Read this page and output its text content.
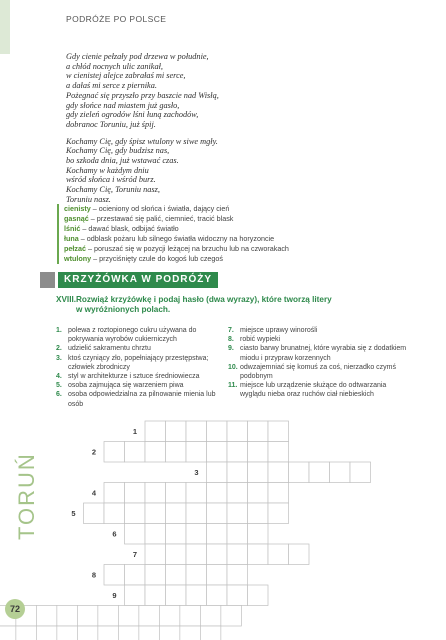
PODRÓŻE PO POLSCE
Gdy cienie pełzały pod drzewa w południe,
a chłód nocnych ulic zanikał,
w cienistej alejce zabrałaś mi serce,
a dałaś mi serce z piernika.
Pożegnać się przyszło przy baszcie nad Wisłą,
gdy słońce nad miastem już gasło,
gdy zieleń ogrodów lśni łuną zachodów,
dobranoc Toruniu, już śpij.
Kochamy Cię, gdy śpisz wtulony w siwe mgły.
Kochamy Cię, gdy budzisz nas,
bo szkoda dnia, już wstawać czas.
Kochamy w każdym dniu
wśród słońca i wśród burz.
Kochamy Cię, Toruniu nasz,
Toruniu nasz.
cienisty – ocieniony od słońca i światła, dający cień
gasnąć – przestawać się palić, ciemnieć, tracić blask
lśnić – dawać blask, odbijać światło
łuna – odblask pożaru lub silnego światła widoczny na horyzoncie
pełzać – poruszać się w pozycji leżącej na brzuchu lub na czworakach
wtulony – przyciśnięty czule do kogoś lub czegoś
KRZYŻÓWKA W PODRÓŻY
XVIII.Rozwiąż krzyżówkę i podaj hasło (dwa wyrazy), które tworzą litery
w wyróżnionych polach.
1. polewa z roztopionego cukru używana do pokrywania wyrobów cukierniczych
2. udzielić sakramentu chrztu
3. ktoś czyniący zło, popełniający przestępstwa; człowiek zbrodniczy
4. styl w architekturze i sztuce średniowiecza
5. osoba zajmująca się warzeniem piwa
6. osoba odpowiedzialna za pilnowanie mienia lub osób
7. miejsce uprawy winorośli
8. robić wypieki
9. ciasto barwy brunatnej, które wyrabia się z dodatkiem miodu i przypraw korzennych
10. odwzajemniać się komuś za coś, nierzadko czymś podobnym
11. miejsce lub urządzenie służące do odtwarzania wyglądu nieba oraz ruchów ciał niebieskich
1
2
3
4
5
6
7
8
9
TORUŃ
72
